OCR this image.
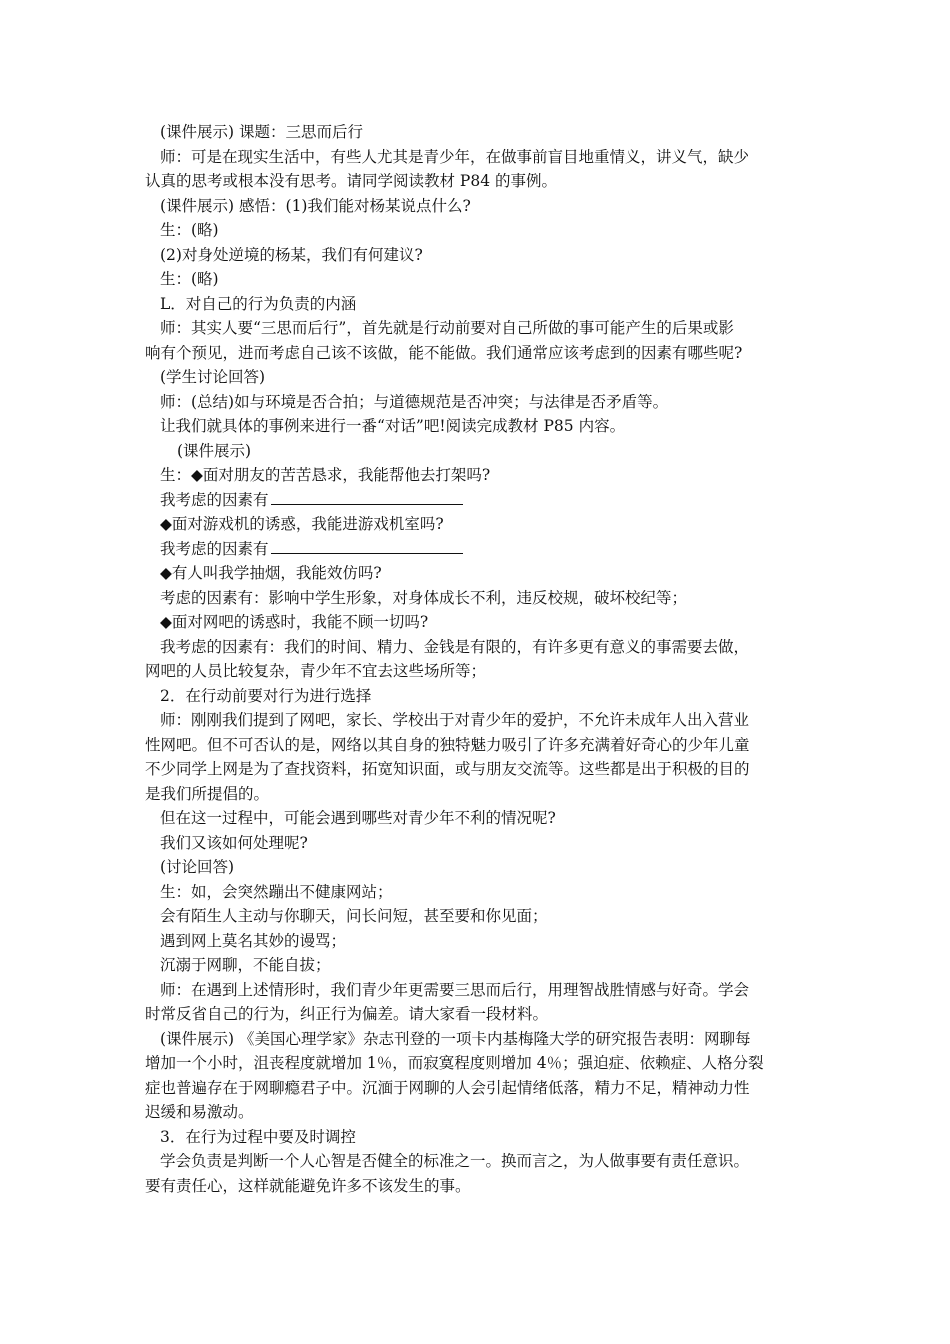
(课件展示) 课题：三思而后行

师：可是在现实生活中，有些人尤其是青少年，在做事前盲目地重情义，讲义气，缺少

认真的思考或根本没有思考。请同学阅读教材 P84 的事例。

(课件展示) 感悟：(1)我们能对杨某说点什么?

生：(略)

(2)对身处逆境的杨某，我们有何建议?

生：(略)

L．对自己的行为负责的内涵

师：其实人要“三思而后行”，首先就是行动前要对自己所做的事可能产生的后果或影

响有个预见，进而考虑自己该不该做，能不能做。我们通常应该考虑到的因素有哪些呢?

(学生讨论回答)

师：(总结)如与环境是否合拍；与道德规范是否冲突；与法律是否矛盾等。

让我们就具体的事例来进行一番“对话”吧!阅读完成教材 P85 内容。

(课件展示)

生：◆面对朋友的苦苦恳求，我能帮他去打架吗?

我考虑的因素有

◆面对游戏机的诱惑，我能进游戏机室吗?

我考虑的因素有

◆有人叫我学抽烟，我能效仿吗?

考虑的因素有：影响中学生形象，对身体成长不利，违反校规，破坏校纪等；

◆面对网吧的诱惑时，我能不顾一切吗?

我考虑的因素有：我们的时间、精力、金钱是有限的，有许多更有意义的事需要去做，

网吧的人员比较复杂，青少年不宜去这些场所等；

2．在行动前要对行为进行选择

师：刚刚我们提到了网吧，家长、学校出于对青少年的爱护，不允许未成年人出入营业

性网吧。但不可否认的是，网络以其自身的独特魅力吸引了许多充满着好奇心的少年儿童

不少同学上网是为了查找资料，拓宽知识面，或与朋友交流等。这些都是出于积极的目的

是我们所提倡的。

但在这一过程中，可能会遇到哪些对青少年不利的情况呢?

我们又该如何处理呢?

(讨论回答)

生：如，会突然蹦出不健康网站；

会有陌生人主动与你聊天，问长问短，甚至要和你见面；

遇到网上莫名其妙的谩骂；

沉溺于网聊，不能自拔；

师：在遇到上述情形时，我们青少年更需要三思而后行，用理智战胜情感与好奇。学会

时常反省自己的行为，纠正行为偏差。请大家看一段材料。

(课件展示) 《美国心理学家》杂志刊登的一项卡内基梅隆大学的研究报告表明：网聊每

增加一个小时，沮丧程度就增加 1％，而寂寞程度则增加 4％；强迫症、依赖症、人格分裂

症也普遍存在于网聊瘾君子中。沉湎于网聊的人会引起情绪低落，精力不足，精神动力性

迟缓和易激动。

3．在行为过程中要及时调控

学会负责是判断一个人心智是否健全的标准之一。换而言之，为人做事要有责任意识。

要有责任心，这样就能避免许多不该发生的事。
